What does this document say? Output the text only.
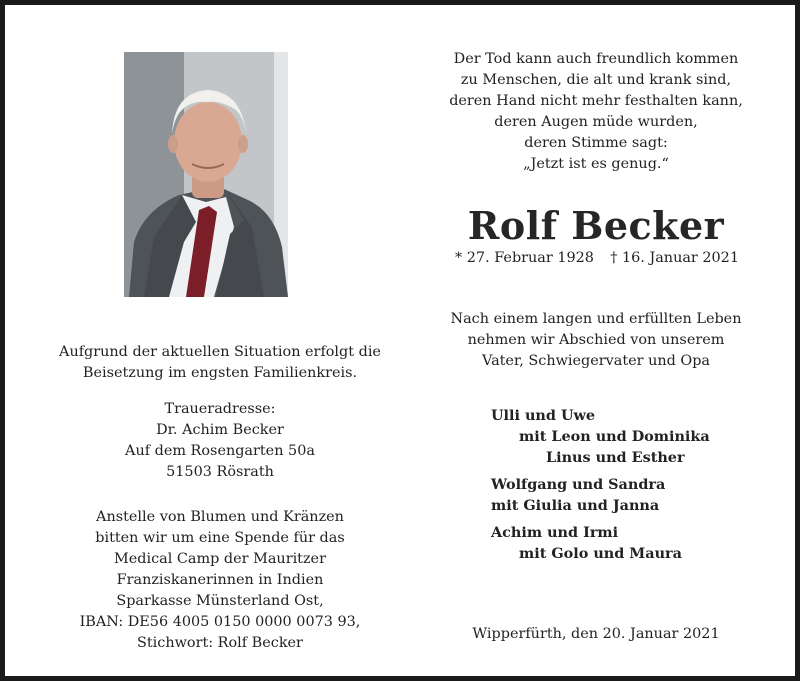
Aufgrund der aktuellen Situation erfolgt die
Beisetzung im engsten Familienkreis.
Traueradresse:
Dr. Achim Becker
Auf dem Rosengarten 50a
51503 Rösrath
Anstelle von Blumen und Kränzen
bitten wir um eine Spende für das
Medical Camp der Mauritzer
Franziskanerinnen in Indien
Sparkasse Münsterland Ost,
IBAN: DE56 4005 0150 0000 0073 93,
Stichwort: Rolf Becker
Der Tod kann auch freundlich kommen
zu Menschen, die alt und krank sind,
deren Hand nicht mehr festhalten kann,
deren Augen müde wurden,
deren Stimme sagt:
„Jetzt ist es genug.“
Rolf Becker
* 27. Februar 1928 † 16. Januar 2021
Nach einem langen und erfüllten Leben
nehmen wir Abschied von unserem
Vater, Schwiegervater und Opa
Ulli und Uwe
mit Leon und Dominika
Linus und Esther
Wolfgang und Sandra
mit Giulia und Janna
Achim und Irmi
mit Golo und Maura
Wipperfürth, den 20. Januar 2021
